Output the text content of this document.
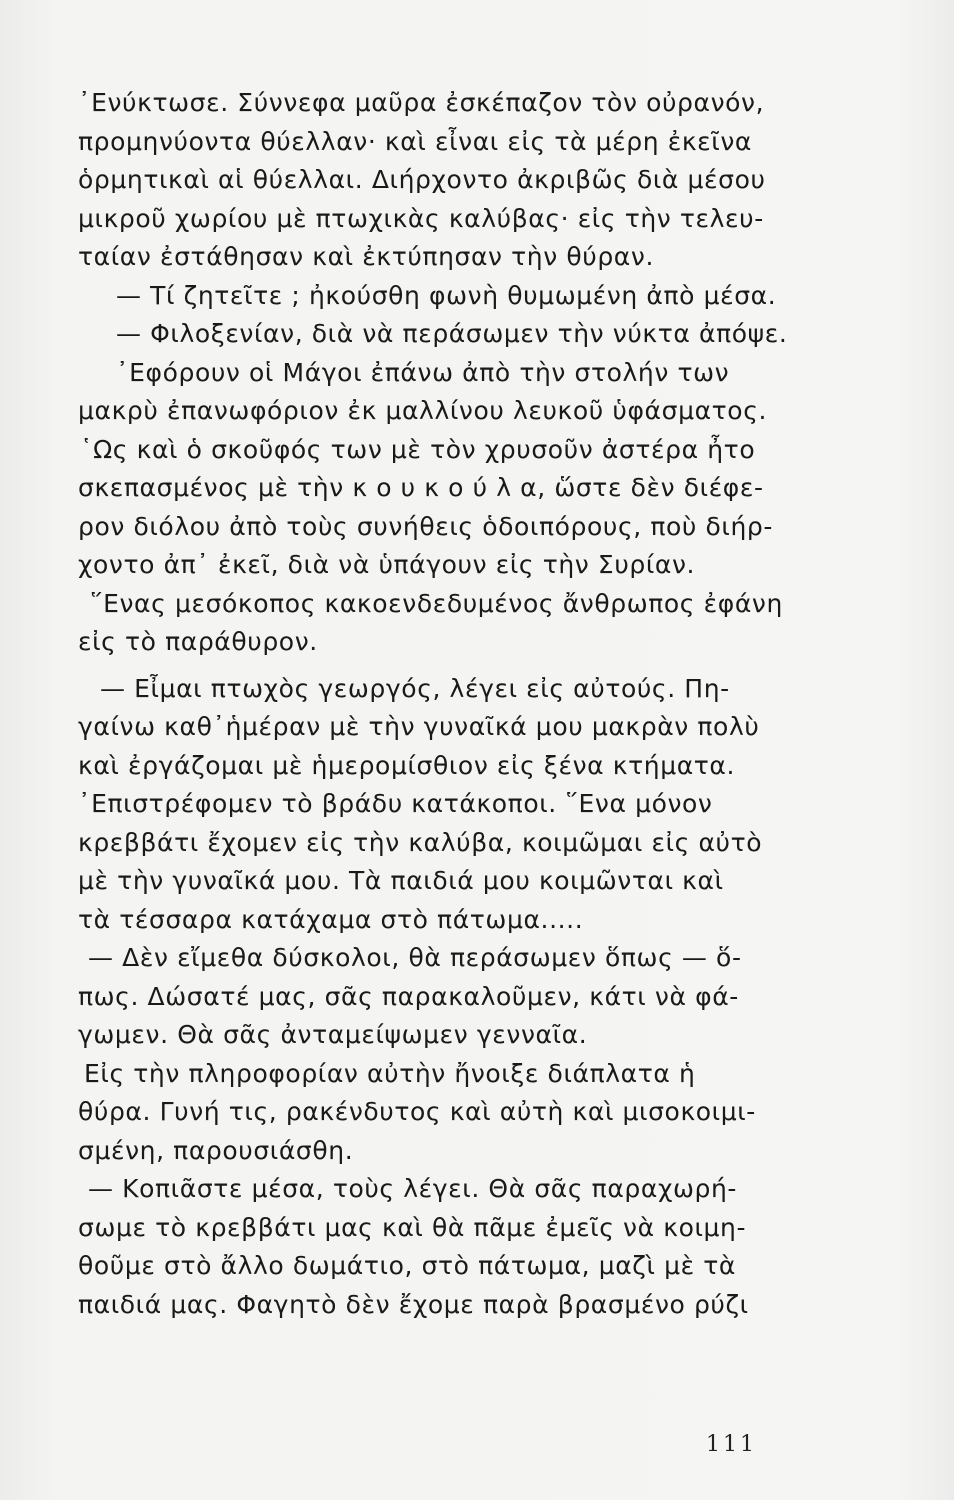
᾿Ενύκτωσε. Σύννεφα μαῦρα ἐσκέπαζον τὸν οὐρανόν,
προμηνύοντα θύελλαν· καὶ εἶναι εἰς τὰ μέρη ἐκεῖνα
ὁρμητικαὶ αἱ θύελλαι. Διήρχοντο ἀκριβῶς διὰ μέσου
μικροῦ χωρίου μὲ πτωχικὰς καλύβας· εἰς τὴν τελευ-
ταίαν ἐστάθησαν καὶ ἐκτύπησαν τὴν θύραν.
— Τί ζητεῖτε ; ἠκούσθη φωνὴ θυμωμένη ἀπὸ μέσα.
— Φιλοξενίαν, διὰ νὰ περάσωμεν τὴν νύκτα ἀπόψε.
᾿Εφόρουν οἱ Μάγοι ἐπάνω ἀπὸ τὴν στολήν των
μακρὺ ἐπανωφόριον ἐκ μαλλίνου λευκοῦ ὑφάσματος.
῾Ως καὶ ὁ σκοῦφός των μὲ τὸν χρυσοῦν ἀστέρα ἦτο
σκεπασμένος μὲ τὴν κ ο υ κ ο ύ λ α, ὥστε δὲν διέφε-
ρον διόλου ἀπὸ τοὺς συνήθεις ὁδοιπόρους, ποὺ διήρ-
χοντο ἀπ᾿ ἐκεῖ, διὰ νὰ ὑπάγουν εἰς τὴν Συρίαν.
῞Ενας μεσόκοπος κακοενδεδυμένος ἄνθρωπος ἐφάνη
εἰς τὸ παράθυρον.
— Εἶμαι πτωχὸς γεωργός, λέγει εἰς αὐτούς. Πη-
γαίνω καθ᾿ἡμέραν μὲ τὴν γυναῖκά μου μακρὰν πολὺ
καὶ ἐργάζομαι μὲ ἡμερομίσθιον εἰς ξένα κτήματα.
᾿Επιστρέφομεν τὸ βράδυ κατάκοποι. ῞Ενα μόνον
κρεββάτι ἔχομεν εἰς τὴν καλύβα, κοιμῶμαι εἰς αὐτὸ
μὲ τὴν γυναῖκά μου. Τὰ παιδιά μου κοιμῶνται καὶ
τὰ τέσσαρα κατάχαμα στὸ πάτωμα.....
— Δὲν εἴμεθα δύσκολοι, θὰ περάσωμεν ὅπως — ὅ-
πως. Δώσατέ μας, σᾶς παρακαλοῦμεν, κάτι νὰ φά-
γωμεν. Θὰ σᾶς ἀνταμείψωμεν γενναῖα.
Εἰς τὴν πληροφορίαν αὐτὴν ἤνοιξε διάπλατα ἡ
θύρα. Γυνή τις, ρακένδυτος καὶ αὐτὴ καὶ μισοκοιμι-
σμένη, παρουσιάσθη.
— Κοπιᾶστε μέσα, τοὺς λέγει. Θὰ σᾶς παραχωρή-
σωμε τὸ κρεββάτι μας καὶ θὰ πᾶμε ἐμεῖς νὰ κοιμη-
θοῦμε στὸ ἄλλο δωμάτιο, στὸ πάτωμα, μαζὶ μὲ τὰ
παιδιά μας. Φαγητὸ δὲν ἔχομε παρὰ βρασμένο ρύζι
111
